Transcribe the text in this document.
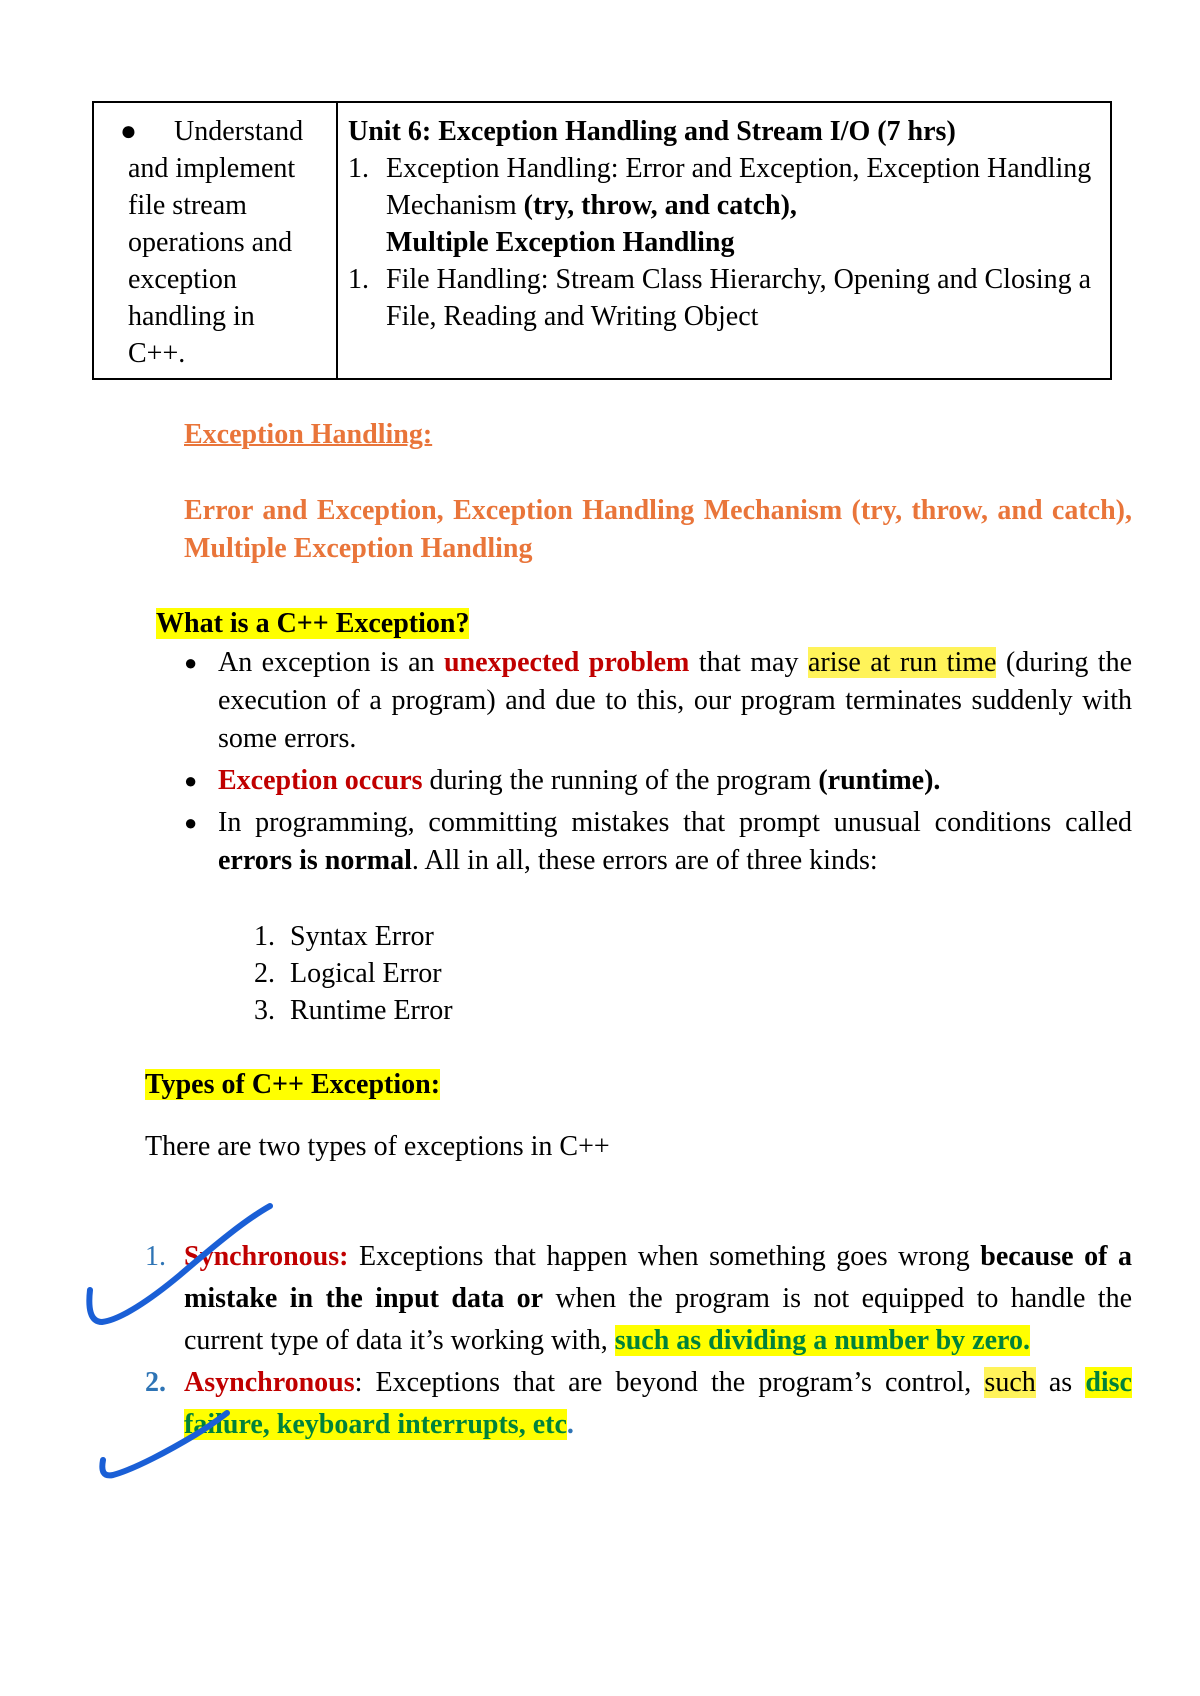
●	Understand
and implement
file stream
operations and
exception
handling in
C++.
Unit 6: Exception Handling and Stream I/O (7 hrs)
1. Exception Handling: Error and Exception, Exception Handling Mechanism (try, throw, and catch),
Multiple Exception Handling
1. File Handling: Stream Class Hierarchy, Opening and Closing a File, Reading and Writing Object
Exception Handling:
Error and Exception, Exception Handling Mechanism (try, throw, and catch), Multiple Exception Handling
What is a C++ Exception?
● An exception is an unexpected problem that may arise at run time (during the execution of a program) and due to this, our program terminates suddenly with some errors.
● Exception occurs during the running of the program (runtime).
● In programming, committing mistakes that prompt unusual conditions called errors is normal. All in all, these errors are of three kinds:
1. Syntax Error
2. Logical Error
3. Runtime Error
Types of C++ Exception:
There are two types of exceptions in C++
1. Synchronous: Exceptions that happen when something goes wrong because of a mistake in the input data or when the program is not equipped to handle the current type of data it’s working with, such as dividing a number by zero.
2. Asynchronous: Exceptions that are beyond the program’s control, such as disc failure, keyboard interrupts, etc.
